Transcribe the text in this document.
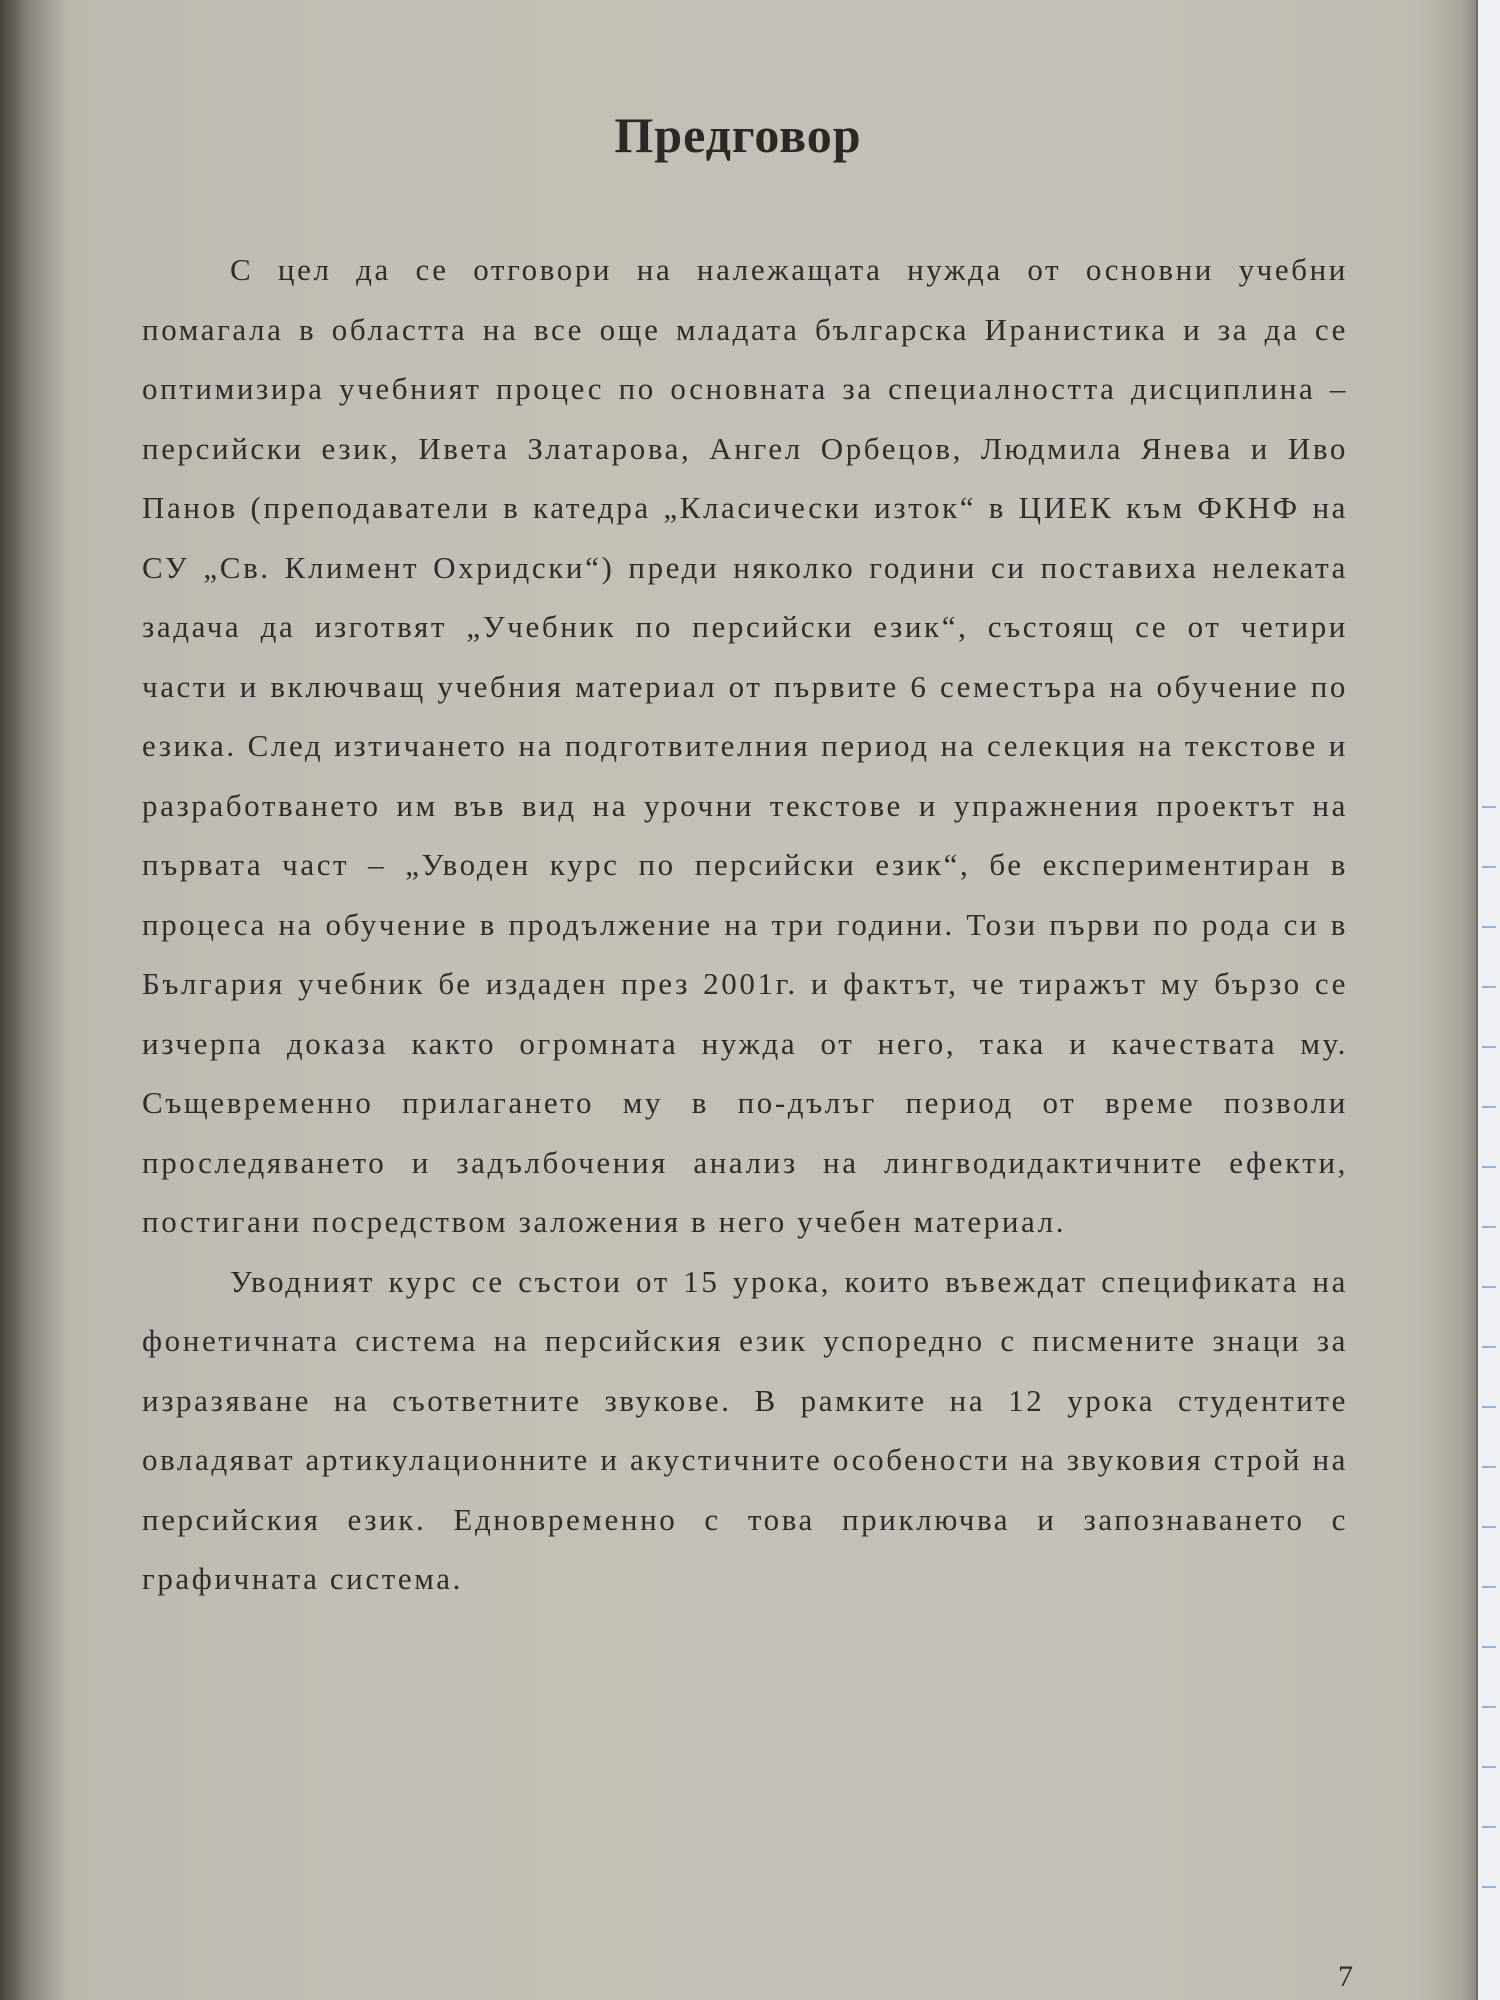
Предговор

С цел да се отговори на належащата нужда от основни учебни помагала в областта на все още младата българска Иранистика и за да се оптимизира учебният процес по основната за специалността дисциплина – персийски език, Ивета Златарова, Ангел Орбецов, Людмила Янева и Иво Панов (преподаватели в катедра „Класически изток“ в ЦИЕК към ФКНФ на СУ „Св. Климент Охридски“) преди няколко години си поставиха нелеката задача да изготвят „Учебник по персийски език“, състоящ се от четири части и включващ учебния материал от първите 6 семестъра на обучение по езика. След изтичането на подготвителния период на селекция на текстове и разработването им във вид на урочни текстове и упражнения проектът на първата част – „Уводен курс по персийски език“, бе експериментиран в процеса на обучение в продължение на три години. Този първи по рода си в България учебник бе издаден през 2001г. и фактът, че тиражът му бързо се изчерпа доказа както огромната нужда от него, така и качествата му. Същевременно прилагането му в по-дълъг период от време позволи проследяването и задълбочения анализ на лингводидактичните ефекти, постигани посредством заложения в него учебен материал.

Уводният курс се състои от 15 урока, които въвеждат спецификата на фонетичната система на персийския език успоредно с писмените знаци за изразяване на съответните звукове. В рамките на 12 урока студентите овладяват артикулационните и акустичните особености на звуковия строй на персийския език. Едновременно с това приключва и запознаването с графичната система.

7
